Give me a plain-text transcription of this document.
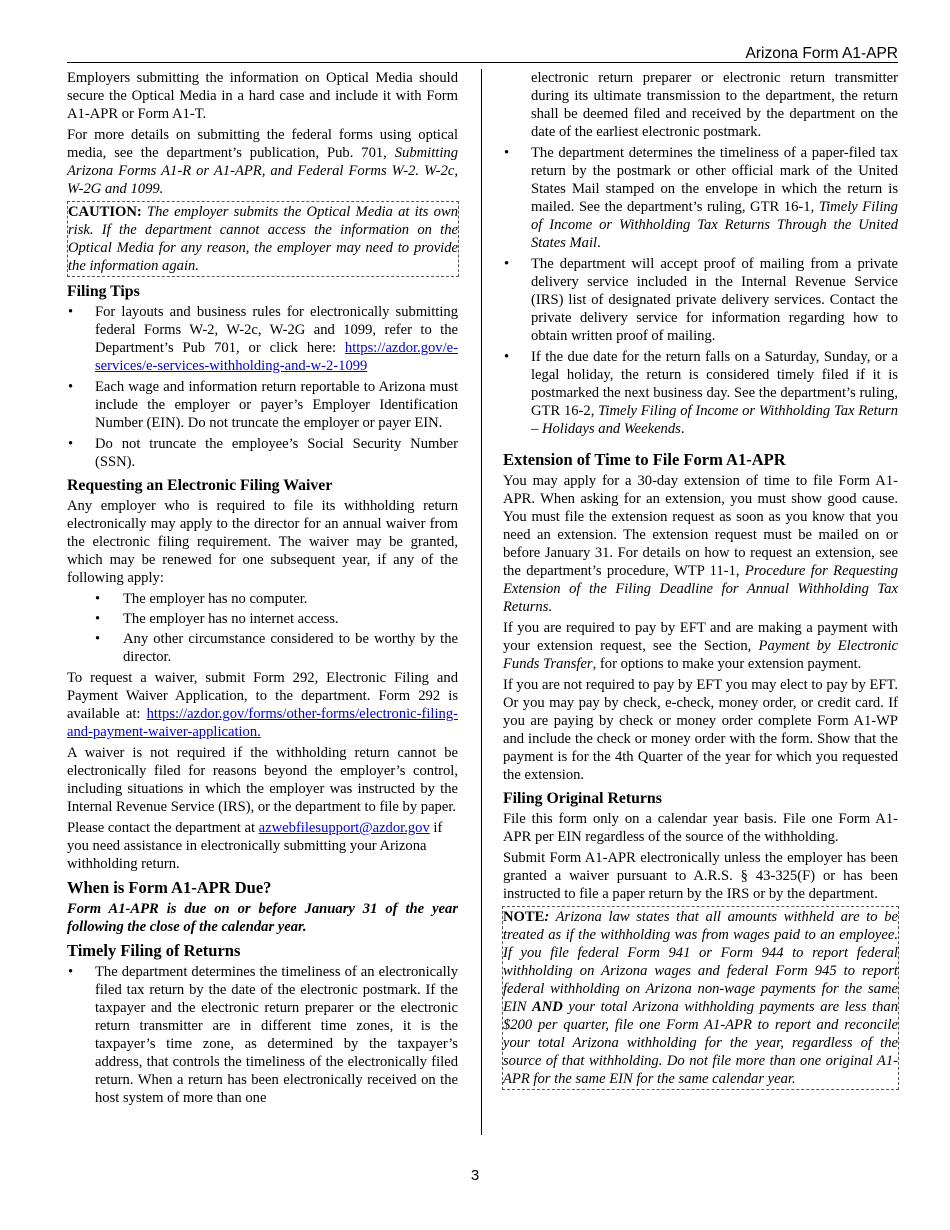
Arizona Form A1-APR

Employers submitting the information on Optical Media should secure the Optical Media in a hard case and include it with Form A1-APR or Form A1-T.

For more details on submitting the federal forms using optical media, see the department’s publication, Pub. 701, Submitting Arizona Forms A1-R or A1-APR, and Federal Forms W-2. W-2c, W-2G and 1099.

CAUTION: The employer submits the Optical Media at its own risk. If the department cannot access the information on the Optical Media for any reason, the employer may need to provide the information again.
Filing Tips
• For layouts and business rules for electronically submitting federal Forms W-2, W-2c, W-2G and 1099, refer to the Department’s Pub 701, or click here: https://azdor.gov/e-services/e-services-withholding-and-w-2-1099
• Each wage and information return reportable to Arizona must include the employer or payer’s Employer Identification Number (EIN). Do not truncate the employer or payer EIN.
• Do not truncate the employee’s Social Security Number (SSN).
Requesting an Electronic Filing Waiver

Any employer who is required to file its withholding return electronically may apply to the director for an annual waiver from the electronic filing requirement. The waiver may be granted, which may be renewed for one subsequent year, if any of the following apply:

• The employer has no computer.
• The employer has no internet access.
• Any other circumstance considered to be worthy by the director.

To request a waiver, submit Form 292, Electronic Filing and Payment Waiver Application, to the department. Form 292 is available at: https://azdor.gov/forms/other-forms/electronic-filing-and-payment-waiver-application.

A waiver is not required if the withholding return cannot be electronically filed for reasons beyond the employer’s control, including situations in which the employer was instructed by the Internal Revenue Service (IRS), or the department to file by paper.

Please contact the department at azwebfilesupport@azdor.gov if you need assistance in electronically submitting your Arizona withholding return.

When is Form A1-APR Due?

Form A1-APR is due on or before January 31 of the year following the close of the calendar year.

Timely Filing of Returns
• The department determines the timeliness of an electronically filed tax return by the date of the electronic postmark. If the taxpayer and the electronic return preparer or the electronic return transmitter are in different time zones, it is the taxpayer’s time zone, as determined by the taxpayer’s address, that controls the timeliness of the electronically filed return. When a return has been electronically received on the host system of more than one
electronic return preparer or electronic return transmitter during its ultimate transmission to the department, the return shall be deemed filed and received by the department on the date of the earliest electronic postmark.
• The department determines the timeliness of a paper-filed tax return by the postmark or other official mark of the United States Mail stamped on the envelope in which the return is mailed. See the department’s ruling, GTR 16-1, Timely Filing of Income or Withholding Tax Returns Through the United States Mail.
• The department will accept proof of mailing from a private delivery service included in the Internal Revenue Service (IRS) list of designated private delivery services. Contact the private delivery service for information regarding how to obtain written proof of mailing.
• If the due date for the return falls on a Saturday, Sunday, or a legal holiday, the return is considered timely filed if it is postmarked the next business day. See the department’s ruling, GTR 16-2, Timely Filing of Income or Withholding Tax Return – Holidays and Weekends.
Extension of Time to File Form A1-APR

You may apply for a 30-day extension of time to file Form A1-APR. When asking for an extension, you must show good cause. You must file the extension request as soon as you know that you need an extension. The extension request must be mailed on or before January 31. For details on how to request an extension, see the department’s procedure, WTP 11-1, Procedure for Requesting Extension of the Filing Deadline for Annual Withholding Tax Returns.

If you are required to pay by EFT and are making a payment with your extension request, see the Section, Payment by Electronic Funds Transfer, for options to make your extension payment.

If you are not required to pay by EFT you may elect to pay by EFT. Or you may pay by check, e-check, money order, or credit card. If you are paying by check or money order complete Form A1-WP and include the check or money order with the form. Show that the payment is for the 4th Quarter of the year for which you requested the extension.

Filing Original Returns

File this form only on a calendar year basis. File one Form A1-APR per EIN regardless of the source of the withholding.

Submit Form A1-APR electronically unless the employer has been granted a waiver pursuant to A.R.S. § 43-325(F) or has been instructed to file a paper return by the IRS or by the department.

NOTE: Arizona law states that all amounts withheld are to be treated as if the withholding was from wages paid to an employee. If you file federal Form 941 or Form 944 to report federal withholding on Arizona wages and federal Form 945 to report federal withholding on Arizona non-wage payments for the same EIN AND your total Arizona withholding payments are less than $200 per quarter, file one Form A1-APR to report and reconcile your total Arizona withholding for the year, regardless of the source of that withholding. Do not file more than one original A1-APR for the same EIN for the same calendar year.
3
